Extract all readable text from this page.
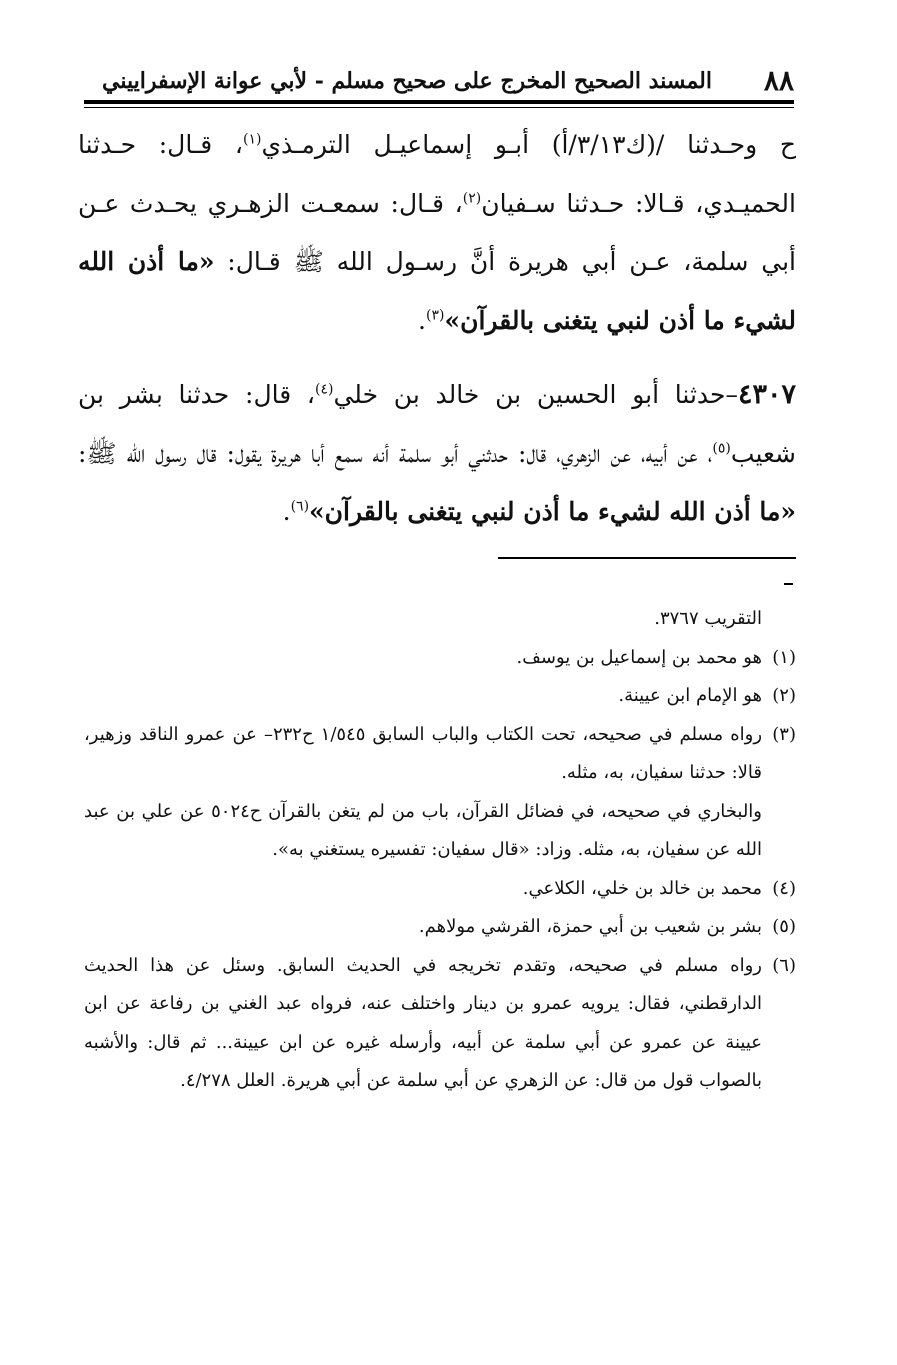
٨٨
المسند الصحيح المخرج على صحيح مسلم - لأبي عوانة الإسفراييني

ح وحـدثنا /(ك٣/١٣/أ) أبـو إسماعيـل الترمـذي$^{(١)}$، قـال: حـدثنا الحميـدي، قـالا: حـدثنا سـفيان$^{(٢)}$، قـال: سمعـت الزهـري يحـدث عـن أبي سلمة، عـن أبي هريرة أنَّ رسـول الله ﷺ قـال: «ما أذن الله لشيء ما أذن لنبي يتغنى بالقرآن»$^{(٣)}$.

٤٣٠٧–حدثنا أبو الحسين بن خالد بن خلي$^{(٤)}$، قال: حدثنا بشر بن شعيب$^{(٥)}$، عن أبيه، عن الزهري، قال: حدثني أبو سلمة أنه سمع أبا هريرة يقول: قال رسول الله ﷺ: «ما أذن الله لشيء ما أذن لنبي يتغنى بالقرآن»$^{(٦)}$.

التقريب ٣٧٦٧.

(١)
هو محمد بن إسماعيل بن يوسف.
(٢)
هو الإمام ابن عيينة.
(٣)
رواه مسلم في صحيحه، تحت الكتاب والباب السابق ١/٥٤٥ ح٢٣٢– عن عمرو الناقد وزهير، قالا: حدثنا سفيان، به، مثله.

والبخاري في صحيحه، في فضائل القرآن، باب من لم يتغن بالقرآن ح٥٠٢٤ عن علي بن عبد الله عن سفيان، به، مثله. وزاد: «قال سفيان: تفسيره يستغني به».

(٤)
محمد بن خالد بن خلي، الكلاعي.
(٥)
بشر بن شعيب بن أبي حمزة، القرشي مولاهم.
(٦)
رواه مسلم في صحيحه، وتقدم تخريجه في الحديث السابق. وسئل عن هذا الحديث الدارقطني، فقال: يرويه عمرو بن دينار واختلف عنه، فرواه عبد الغني بن رفاعة عن ابن عيينة عن عمرو عن أبي سلمة عن أبيه، وأرسله غيره عن ابن عيينة... ثم قال: والأشبه بالصواب قول من قال: عن الزهري عن أبي سلمة عن أبي هريرة. العلل ٤/٢٧٨.
